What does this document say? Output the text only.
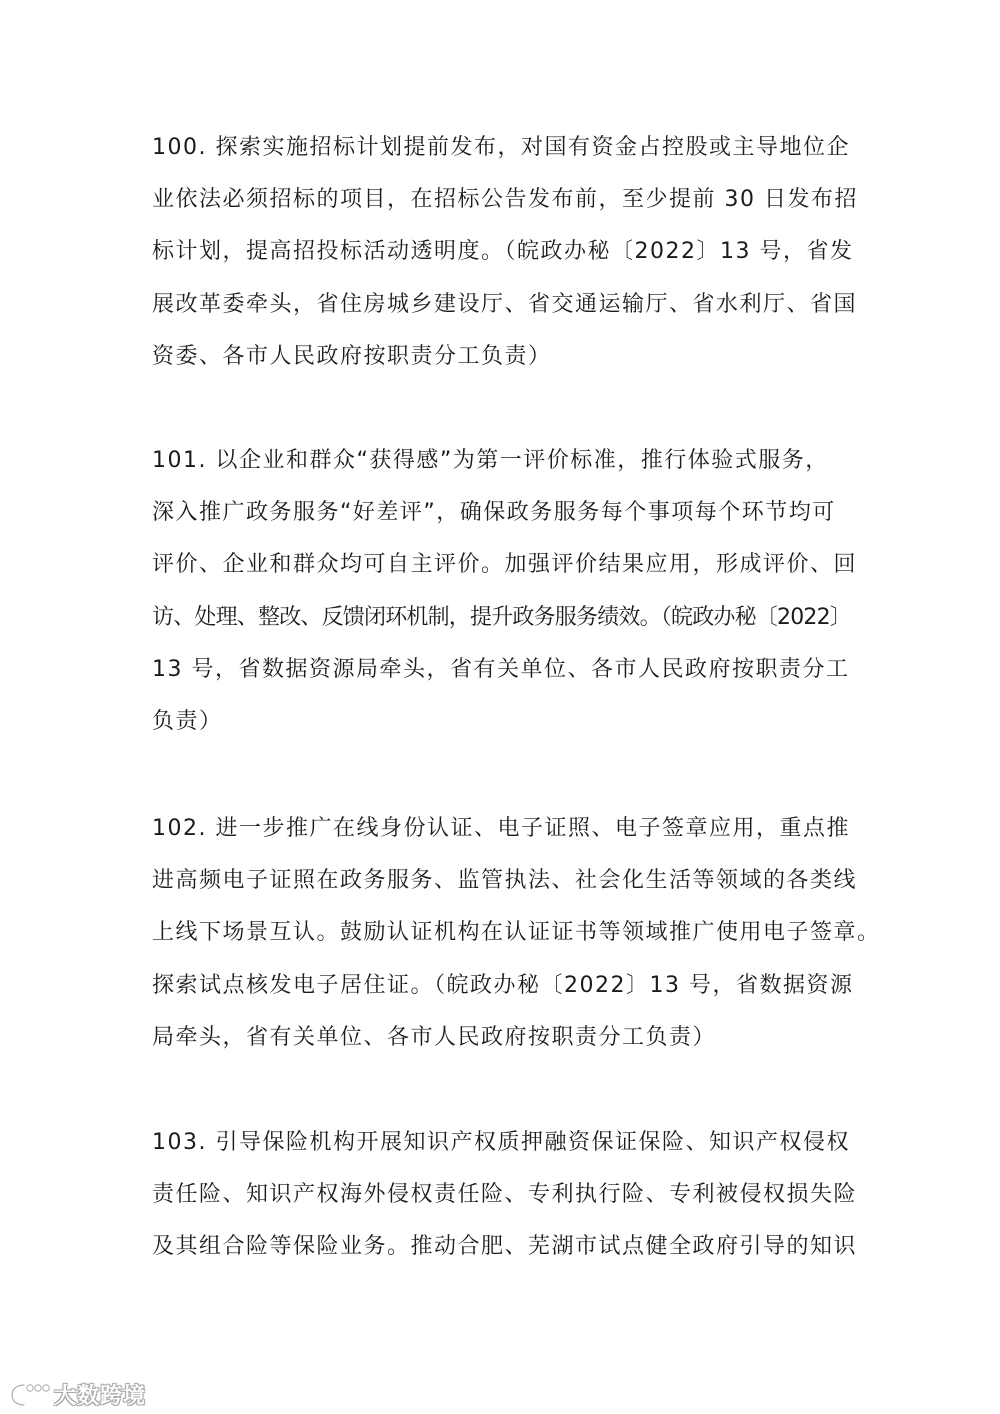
100. 探索实施招标计划提前发布，对国有资金占控股或主导地位企
业依法必须招标的项目，在招标公告发布前，至少提前 30 日发布招
标计划，提高招投标活动透明度。（皖政办秘〔2022〕13 号，省发
展改革委牵头，省住房城乡建设厅、省交通运输厅、省水利厅、省国
资委、各市人民政府按职责分工负责）
101. 以企业和群众“获得感”为第一评价标准，推行体验式服务，
深入推广政务服务“好差评”，确保政务服务每个事项每个环节均可
评价、企业和群众均可自主评价。加强评价结果应用，形成评价、回
访、处理、整改、反馈闭环机制，提升政务服务绩效。（皖政办秘〔2022〕
13 号，省数据资源局牵头，省有关单位、各市人民政府按职责分工
负责）
102. 进一步推广在线身份认证、电子证照、电子签章应用，重点推
进高频电子证照在政务服务、监管执法、社会化生活等领域的各类线
上线下场景互认。鼓励认证机构在认证证书等领域推广使用电子签章。
探索试点核发电子居住证。（皖政办秘〔2022〕13 号，省数据资源
局牵头，省有关单位、各市人民政府按职责分工负责）
103. 引导保险机构开展知识产权质押融资保证保险、知识产权侵权
责任险、知识产权海外侵权责任险、专利执行险、专利被侵权损失险
及其组合险等保险业务。推动合肥、芜湖市试点健全政府引导的知识
大数跨境
